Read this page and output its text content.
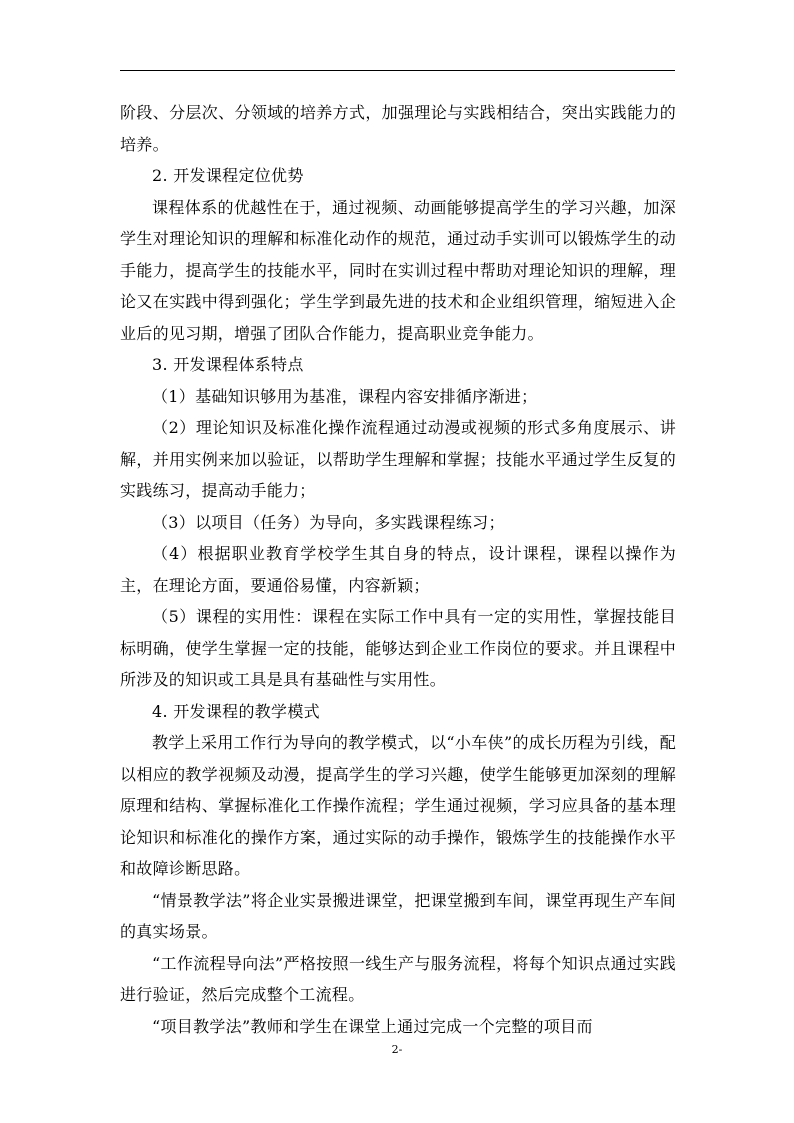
阶段、分层次、分领域的培养方式，加强理论与实践相结合，突出实践能力的培养。

2. 开发课程定位优势

课程体系的优越性在于，通过视频、动画能够提高学生的学习兴趣，加深学生对理论知识的理解和标准化动作的规范，通过动手实训可以锻炼学生的动手能力，提高学生的技能水平，同时在实训过程中帮助对理论知识的理解，理论又在实践中得到强化；学生学到最先进的技术和企业组织管理，缩短进入企业后的见习期，增强了团队合作能力，提高职业竞争能力。

3. 开发课程体系特点

（1）基础知识够用为基准，课程内容安排循序渐进；

（2）理论知识及标准化操作流程通过动漫或视频的形式多角度展示、讲解，并用实例来加以验证，以帮助学生理解和掌握；技能水平通过学生反复的实践练习，提高动手能力；

（3）以项目（任务）为导向，多实践课程练习；

（4）根据职业教育学校学生其自身的特点，设计课程，课程以操作为主，在理论方面，要通俗易懂，内容新颖；

（5）课程的实用性：课程在实际工作中具有一定的实用性，掌握技能目标明确，使学生掌握一定的技能，能够达到企业工作岗位的要求。并且课程中所涉及的知识或工具是具有基础性与实用性。

4. 开发课程的教学模式

教学上采用工作行为导向的教学模式，以“小车侠”的成长历程为引线，配以相应的教学视频及动漫，提高学生的学习兴趣，使学生能够更加深刻的理解原理和结构、掌握标准化工作操作流程；学生通过视频，学习应具备的基本理论知识和标准化的操作方案，通过实际的动手操作，锻炼学生的技能操作水平和故障诊断思路。

“情景教学法”将企业实景搬进课堂，把课堂搬到车间，课堂再现生产车间的真实场景。

“工作流程导向法”严格按照一线生产与服务流程，将每个知识点通过实践进行验证，然后完成整个工流程。

“项目教学法”教师和学生在课堂上通过完成一个完整的项目而

2-
